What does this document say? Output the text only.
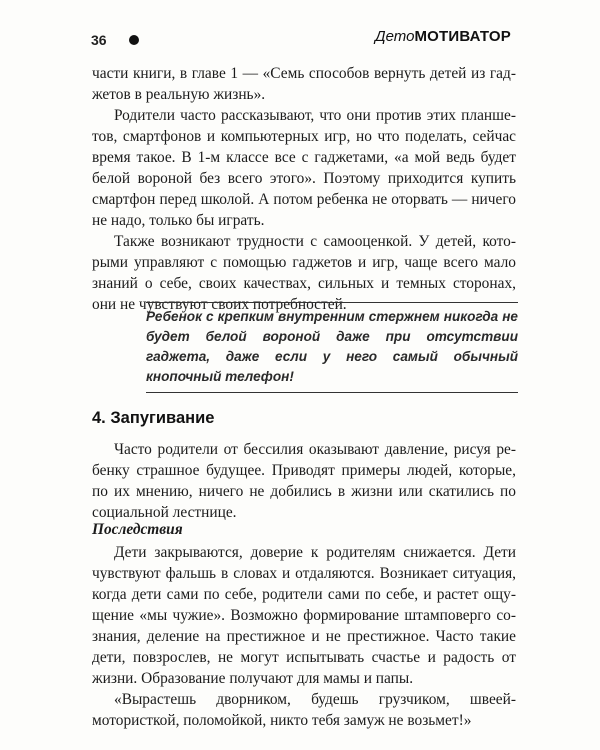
36	ДетоМОТИВАТОР

части книги, в главе 1 — «Семь способов вернуть детей из гаджетов в реальную жизнь».

Родители часто рассказывают, что они против этих планшетов, смартфонов и компьютерных игр, но что поделать, сейчас время такое. В 1-м классе все с гаджетами, «а мой ведь будет белой вороной без всего этого». Поэтому приходится купить смартфон перед школой. А потом ребенка не оторвать — ничего не надо, только бы играть.

Также возникают трудности с самооценкой. У детей, которыми управляют с помощью гаджетов и игр, чаще всего мало знаний о себе, своих качествах, сильных и темных сторонах, они не чувствуют своих потребностей.

Ребенок с крепким внутренним стержнем никогда не будет белой вороной даже при отсутствии гаджета, даже если у него самый обычный кнопочный телефон!

4. Запугивание

Часто родители от бессилия оказывают давление, рисуя ребенку страшное будущее. Приводят примеры людей, которые, по их мнению, ничего не добились в жизни или скатились по социальной лестнице.

Последствия

Дети закрываются, доверие к родителям снижается. Дети чувствуют фальшь в словах и отдаляются. Возникает ситуация, когда дети сами по себе, родители сами по себе, и растет ощущение «мы чужие». Возможно формирование штамповерго сознания, деление на престижное и не престижное. Часто такие дети, повзрослев, не могут испытывать счастье и радость от жизни. Образование получают для мамы и папы.

«Вырастешь дворником, будешь грузчиком, швеей-мотористкой, поломойкой, никто тебя замуж не возьмет!»
